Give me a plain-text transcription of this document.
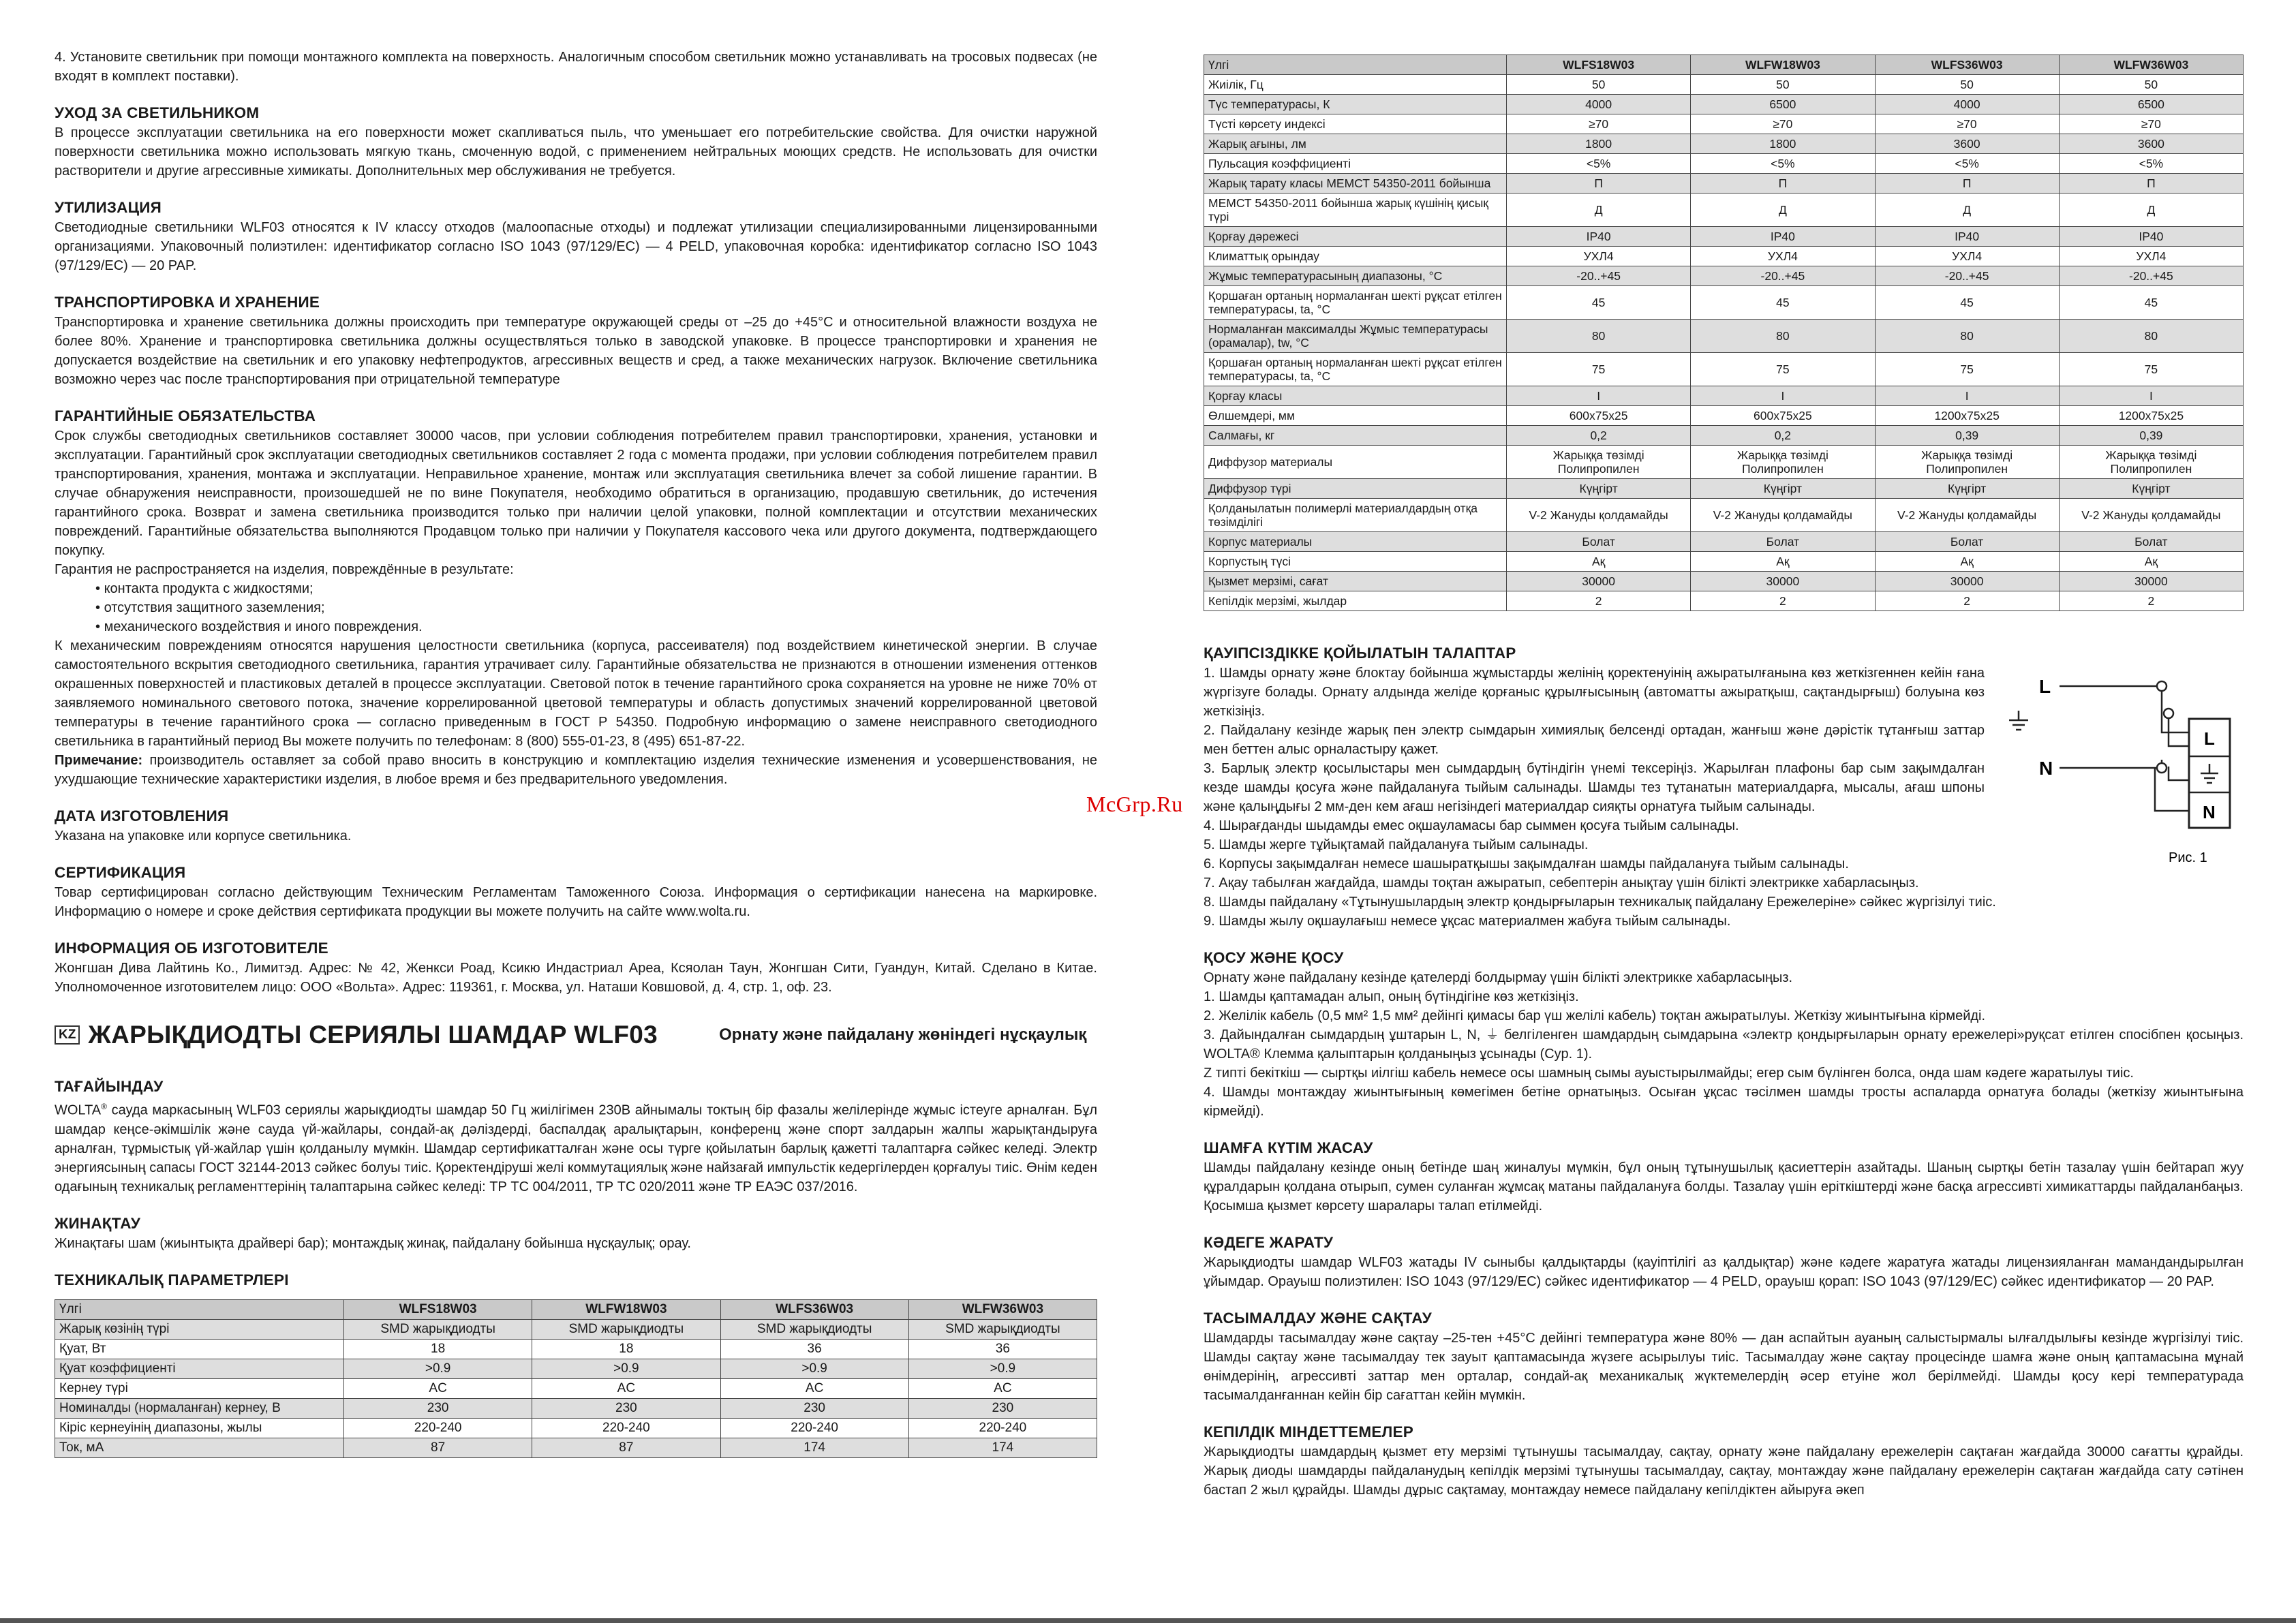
4. Установите светильник при помощи монтажного комплекта на поверхность. Аналогичным способом светильник можно устанавливать на тросовых подвесах (не входят в комплект поставки).

УХОД ЗА СВЕТИЛЬНИКОМ

В процессе эксплуатации светильника на его поверхности может скапливаться пыль, что уменьшает его потребительские свойства. Для очистки наружной поверхности светильника можно использовать мягкую ткань, смоченную водой, с применением нейтральных моющих средств. Не использовать для очистки растворители и другие агрессивные химикаты. Дополнительных мер обслуживания не требуется.

УТИЛИЗАЦИЯ

Светодиодные светильники WLF03 относятся к IV классу отходов (малоопасные отходы) и подлежат утилизации специализированными лицензированными организациями. Упаковочный полиэтилен: идентификатор согласно ISO 1043 (97/129/EC) — 4 PELD, упаковочная коробка: идентификатор согласно ISO 1043 (97/129/EC) — 20 PAP.

ТРАНСПОРТИРОВКА И ХРАНЕНИЕ

Транспортировка и хранение светильника должны происходить при температуре окружающей среды от –25 до +45°С и относительной влажности воздуха не более 80%. Хранение и транспортировка светильника должны осуществляться только в заводской упаковке. В процессе транспортировки и хранения не допускается воздействие на светильник и его упаковку нефтепродуктов, агрессивных веществ и сред, а также механических нагрузок. Включение светильника возможно через час после транспортирования при отрицательной температуре

ГАРАНТИЙНЫЕ ОБЯЗАТЕЛЬСТВА

Срок службы светодиодных светильников составляет 30000 часов, при условии соблюдения потребителем правил транспортировки, хранения, установки и эксплуатации. Гарантийный срок эксплуатации светодиодных светильников составляет 2 года с момента продажи, при условии соблюдения потребителем правил транспортирования, хранения, монтажа и эксплуатации. Неправильное хранение, монтаж или эксплуатация светильника влечет за собой лишение гарантии. В случае обнаружения неисправности, произошедшей не по вине Покупателя, необходимо обратиться в организацию, продавшую светильник, до истечения гарантийного срока. Возврат и замена светильника производится только при наличии целой упаковки, полной комплектации и отсутствии механических повреждений. Гарантийные обязательства выполняются Продавцом только при наличии у Покупателя кассового чека или другого документа, подтверждающего покупку.

Гарантия не распространяется на изделия, повреждённые в результате:

• контакта продукта с жидкостями;
• отсутствия защитного заземления;
• механического воздействия и иного повреждения.

К механическим повреждениям относятся нарушения целостности светильника (корпуса, рассеивателя) под воздействием кинетической энергии. В случае самостоятельного вскрытия светодиодного светильника, гарантия утрачивает силу. Гарантийные обязательства не признаются в отношении изменения оттенков окрашенных поверхностей и пластиковых деталей в процессе эксплуатации. Световой поток в течение гарантийного срока сохраняется на уровне не ниже 70% от заявляемого номинального светового потока, значение коррелированной цветовой температуры и область допустимых значений коррелированной цветовой температуры в течение гарантийного срока — согласно приведенным в ГОСТ Р 54350. Подробную информацию о замене неисправного светодиодного светильника в гарантийный период Вы можете получить по телефонам: 8 (800) 555-01-23, 8 (495) 651-87-22.

Примечание: производитель оставляет за собой право вносить в конструкцию и комплектацию изделия технические изменения и усовершенствования, не ухудшающие технические характеристики изделия, в любое время и без предварительного уведомления.

ДАТА ИЗГОТОВЛЕНИЯ

Указана на упаковке или корпусе светильника.

СЕРТИФИКАЦИЯ

Товар сертифицирован согласно действующим Техническим Регламентам Таможенного Союза. Информация о сертификации нанесена на маркировке. Информацию о номере и сроке действия сертификата продукции вы можете получить на сайте www.wolta.ru.

ИНФОРМАЦИЯ ОБ ИЗГОТОВИТЕЛЕ

Жонгшан Дива Лайтинь Ко., Лимитэд. Адрес: № 42, Женкси Роад, Ксикю Индастриал Ареа, Ксяолан Таун, Жонгшан Сити, Гуандун, Китай. Сделано в Китае. Уполномоченное изготовителем лицо: ООО «Вольта». Адрес: 119361, г. Москва, ул. Наташи Ковшовой, д. 4, стр. 1, оф. 23.

KZ ЖАРЫҚДИОДТЫ СЕРИЯЛЫ ШАМДАР WLF03	Орнату және пайдалану жөніндегі нұсқаулық
ТАҒАЙЫНДАУ

WOLTA® сауда маркасының WLF03 сериялы жарықдиодты шамдар 50 Гц жиілігімен 230В айнымалы токтың бір фазалы желілерінде жұмыс істеуге арналған. Бұл шамдар кеңсе-әкімшілік және сауда үй-жайлары, сондай-ақ дәліздерді, баспалдақ аралықтарын, конференц және спорт залдарын жалпы жарықтандыруға арналған, тұрмыстық үй-жайлар үшін қолданылу мүмкін. Шамдар сертификатталған және осы түрге қойылатын барлық қажетті талаптарға сәйкес келеді. Электр энергиясының сапасы ГОСТ 32144-2013 сәйкес болуы тиіс. Қоректендіруші желі коммутациялық және найзағай импульстік кедергілерден қорғалуы тиіс. Өнім кеден одағының техникалық регламенттерінің талаптарына сәйкес келеді: ТР ТС 004/2011, ТР ТС 020/2011 және ТР ЕАЭС 037/2016.

ЖИНАҚТАУ

Жинақтағы шам (жиынтықта драйвері бар); монтаждық жинақ, пайдалану бойынша нұсқаулық; орау.

ТЕХНИКАЛЫҚ ПАРАМЕТРЛЕРІ
Үлгі	WLFS18W03	WLFW18W03	WLFS36W03	WLFW36W03
Жарық көзінің түрі	SMD жарықдиодты	SMD жарықдиодты	SMD жарықдиодты	SMD жарықдиодты
Қуат, Вт	18	18	36	36
Қуат коэффициенті	>0.9	>0.9	>0.9	>0.9
Кернеу түрі	AC	AC	AC	AC
Номиналды (нормаланған) кернеу, В	230	230	230	230
Кіріс кернеуінің диапазоны, жылы	220-240	220-240	220-240	220-240
Ток, мА	87	87	174	174
Үлгі	WLFS18W03	WLFW18W03	WLFS36W03	WLFW36W03
Жиілік, Гц	50	50	50	50
Түс температурасы, К	4000	6500	4000	6500
Түсті көрсету индексі	≥70	≥70	≥70	≥70
Жарық ағыны, лм	1800	1800	3600	3600
Пульсация коэффициенті	<5%	<5%	<5%	<5%
Жарық тарату класы МЕМСТ 54350-2011 бойынша	П	П	П	П
МЕМСТ 54350-2011 бойынша жарық күшінің қисық түрі	Д	Д	Д	Д
Қорғау дәрежесі	IP40	IP40	IP40	IP40
Климаттық орындау	УХЛ4	УХЛ4	УХЛ4	УХЛ4
Жұмыс температурасының диапазоны, °С	-20..+45	-20..+45	-20..+45	-20..+45
Қоршаған ортаның нормаланған шекті рұқсат етілген температурасы, ta, °С	45	45	45	45
Нормаланған максималды Жұмыс температурасы (орамалар), tw, °С	80	80	80	80
Қоршаған ортаның нормаланған шекті рұқсат етілген температурасы, ta, °С	75	75	75	75
Қорғау класы	I	I	I	I
Өлшемдері, мм	600x75x25	600x75x25	1200x75x25	1200x75x25
Салмағы, кг	0,2	0,2	0,39	0,39
Диффузор материалы	Жарыққа төзімді Полипропилен	Жарыққа төзімді Полипропилен	Жарыққа төзімді Полипропилен	Жарыққа төзімді Полипропилен
Диффузор түрі	Күңгірт	Күңгірт	Күңгірт	Күңгірт
Қолданылатын полимерлі материалдардың отқа төзімділігі	V-2 Жануды қолдамайды	V-2 Жануды қолдамайды	V-2 Жануды қолдамайды	V-2 Жануды қолдамайды
Корпус материалы	Болат	Болат	Болат	Болат
Корпустың түсі	Ақ	Ақ	Ақ	Ақ
Қызмет мерзімі, сағат	30000	30000	30000	30000
Кепілдік мерзімі, жылдар	2	2	2	2
ҚАУІПСІЗДІККЕ ҚОЙЫЛАТЫН ТАЛАПТАР

1. Шамды орнату және блоктау бойынша жұмыстарды желінің қоректенуінің ажыратылғанына көз жеткізгеннен кейін ғана жүргізуге болады. Орнату алдында желіде қорғаныс құрылғысының (автоматты ажыратқыш, сақтандырғыш) болуына көз жеткізіңіз.

2. Пайдалану кезінде жарық пен электр сымдарын химиялық белсенді ортадан, жанғыш және дәрістік тұтанғыш заттар мен беттен алыс орналастыру қажет.

3. Барлық электр қосылыстары мен сымдардың бүтіндігін үнемі тексеріңіз. Жарылған плафоны бар сым зақымдалған кезде шамды қосуға және пайдалануға тыйым салынады. Шамды тез тұтанатын материалдарға, мысалы, ағаш шпоны және қалыңдығы 2 мм-ден кем ағаш негізіндегі материалдар сияқты орнатуға тыйым салынады.

4. Шырағданды шыдамды емес оқшауламасы бар сыммен қосуға тыйым салынады.

5. Шамды жерге тұйықтамай пайдалануға тыйым салынады.

6. Корпусы зақымдалған немесе шашыратқышы зақымдалған шамды пайдалануға тыйым салынады.

7. Ақау табылған жағдайда, шамды тоқтан ажыратып, себептерін анықтау үшін білікті электрикке хабарласыңыз.

8. Шамды пайдалану «Тұтынушылардың электр қондырғыларын техникалық пайдалану Ережелеріне» сәйкес жүргізілуі тиіс.

9. Шамды жылу оқшаулағыш немесе ұқсас материалмен жабуға тыйым салынады.

L
N
L
N
Рис. 1
ҚОСУ ЖӘНЕ ҚОСУ

Орнату және пайдалану кезінде қателерді болдырмау үшін білікті электрикке хабарласыңыз.

1. Шамды қаптамадан алып, оның бүтіндігіне көз жеткізіңіз.

2. Желілік кабель (0,5 мм² 1,5 мм² дейінгі қимасы бар үш желілі кабель) тоқтан ажыратылуы. Жеткізу жиынтығына кірмейді.

3. Дайындалған сымдардың ұштарын L, N, ⏚ белгіленген шамдардың сымдарына «электр қондырғыларын орнату ережелері»руқсат етілген спосібпен қосыңыз. WOLTA® Клемма қалыптарын қолданыңыз ұсынады (Сур. 1).

Z типті бекіткіш — сыртқы иілгіш кабель немесе осы шамның сымы ауыстырылмайды; егер сым бүлінген болса, онда шам кәдеге жаратылуы тиіс.

4. Шамды монтаждау жиынтығының көмегімен бетіне орнатыңыз. Осыған ұқсас тәсілмен шамды тросты аспаларда орнатуға болады (жеткізу жиынтығына кірмейді).

ШАМҒА КҮТІМ ЖАСАУ

Шамды пайдалану кезінде оның бетінде шаң жиналуы мүмкін, бұл оның тұтынушылық қасиеттерін азайтады. Шаның сыртқы бетін тазалау үшін бейтарап жуу құралдарын қолдана отырып, сумен суланған жұмсақ матаны пайдалануға болды. Тазалау үшін еріткіштерді және басқа агрессивті химикаттарды пайдаланбаңыз. Қосымша қызмет көрсету шаралары талап етілмейді.

КӘДЕГЕ ЖАРАТУ

Жарықдиодты шамдар WLF03 жатады IV сыныбы қалдықтарды (қауіптілігі аз қалдықтар) және кәдеге жаратуға жатады лицензияланған мамандандырылған ұйымдар. Орауыш полиэтилен: ISO 1043 (97/129/EC) сәйкес идентификатор — 4 PELD, орауыш қорап: ISO 1043 (97/129/EC) сәйкес идентификатор — 20 PAP.

ТАСЫМАЛДАУ ЖӘНЕ САҚТАУ

Шамдарды тасымалдау және сақтау –25-тен +45°С дейінгі температура және 80% — дан аспайтын ауаның салыстырмалы ылғалдылығы кезінде жүргізілуі тиіс. Шамды сақтау және тасымалдау тек зауыт қаптамасында жүзеге асырылуы тиіс. Тасымалдау және сақтау процесінде шамға және оның қаптамасына мұнай өнімдерінің, агрессивті заттар мен орталар, сондай-ақ механикалық жүктемелердің әсер етуіне жол берілмейді. Шамды қосу кері температурада тасымалданғаннан кейін бір сағаттан кейін мүмкін.

КЕПІЛДІК МІНДЕТТЕМЕЛЕР

Жарықдиодты шамдардың қызмет ету мерзімі тұтынушы тасымалдау, сақтау, орнату және пайдалану ережелерін сақтаған жағдайда 30000 сағатты құрайды. Жарық диоды шамдарды пайдаланудың кепілдік мерзімі тұтынушы тасымалдау, сақтау, монтаждау және пайдалану ережелерін сақтаған жағдайда сату сәтінен бастап 2 жыл құрайды. Шамды дұрыс сақтамау, монтаждау немесе пайдалану кепілдіктен айыруға әкеп

McGrp.Ru
